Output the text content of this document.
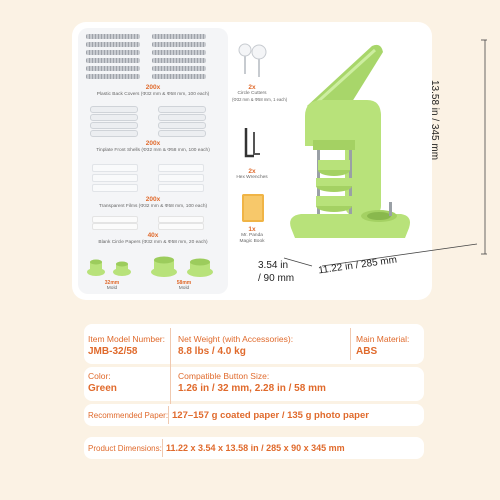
200x
Plastic Back Covers (Φ32 mm & Φ58 mm, 100 each)
200x
Tinplate Front Shells (Φ32 mm & Φ58 mm, 100 each)
200x
Transparent Films (Φ32 mm & Φ58 mm, 100 each)
40x
Blank Circle Papers (Φ32 mm & Φ58 mm, 20 each)
32mm
Mold
58mm
Mold
2x
Circle Cutters
(Φ32 mm & Φ58 mm, 1 each)
2x
Hex Wrenches
1x
Mr. Panda
Magic Book
13.58 in / 345 mm
3.54 in
/ 90 mm
11.22 in / 285 mm
Item Model Number:
JMB-32/58
Net Weight (with Accessories):
8.8 lbs / 4.0 kg
Main Material:
ABS
Color:
Green
Compatible Button Size:
1.26 in / 32 mm, 2.28 in / 58 mm
Recommended Paper: 127–157 g coated paper / 135 g photo paper
Product Dimensions: 11.22 x 3.54 x 13.58 in / 285 x 90 x 345 mm
